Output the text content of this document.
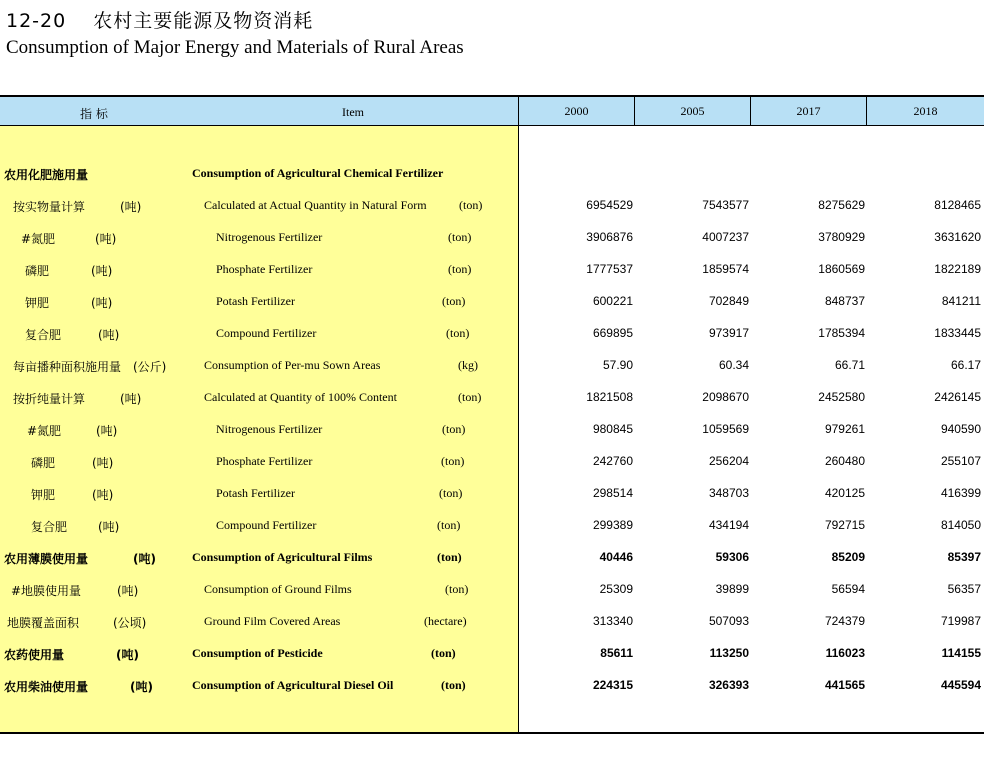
12-20 农村主要能源及物资消耗
Consumption of Major Energy and Materials of Rural Areas
指 标	Item	2000	2005	2017	2018
农用化肥施用量	Consumption of Agricultural Chemical Fertilizer
按实物量计算	(吨)	Calculated at Actual Quantity in Natural Form	(ton)	6954529	7543577	8275629	8128465
#氮肥	(吨)	Nitrogenous Fertilizer	(ton)	3906876	4007237	3780929	3631620
磷肥	(吨)	Phosphate Fertilizer	(ton)	1777537	1859574	1860569	1822189
钾肥	(吨)	Potash Fertilizer	(ton)	600221	702849	848737	841211
复合肥	(吨)	Compound Fertilizer	(ton)	669895	973917	1785394	1833445
每亩播种面积施用量 (公斤)	Consumption of Per-mu Sown Areas	(kg)	57.90	60.34	66.71	66.17
按折纯量计算	(吨)	Calculated at Quantity of 100% Content	(ton)	1821508	2098670	2452580	2426145
#氮肥	(吨)	Nitrogenous Fertilizer	(ton)	980845	1059569	979261	940590
磷肥	(吨)	Phosphate Fertilizer	(ton)	242760	256204	260480	255107
钾肥	(吨)	Potash Fertilizer	(ton)	298514	348703	420125	416399
复合肥	(吨)	Compound Fertilizer	(ton)	299389	434194	792715	814050
农用薄膜使用量	(吨)	Consumption of Agricultural Films	(ton)	40446	59306	85209	85397
#地膜使用量	(吨)	Consumption of Ground Films	(ton)	25309	39899	56594	56357
地膜覆盖面积	(公顷)	Ground Film Covered Areas	(hectare)	313340	507093	724379	719987
农药使用量	(吨)	Consumption of Pesticide	(ton)	85611	113250	116023	114155
农用柴油使用量	(吨)	Consumption of Agricultural Diesel Oil	(ton)	224315	326393	441565	445594
